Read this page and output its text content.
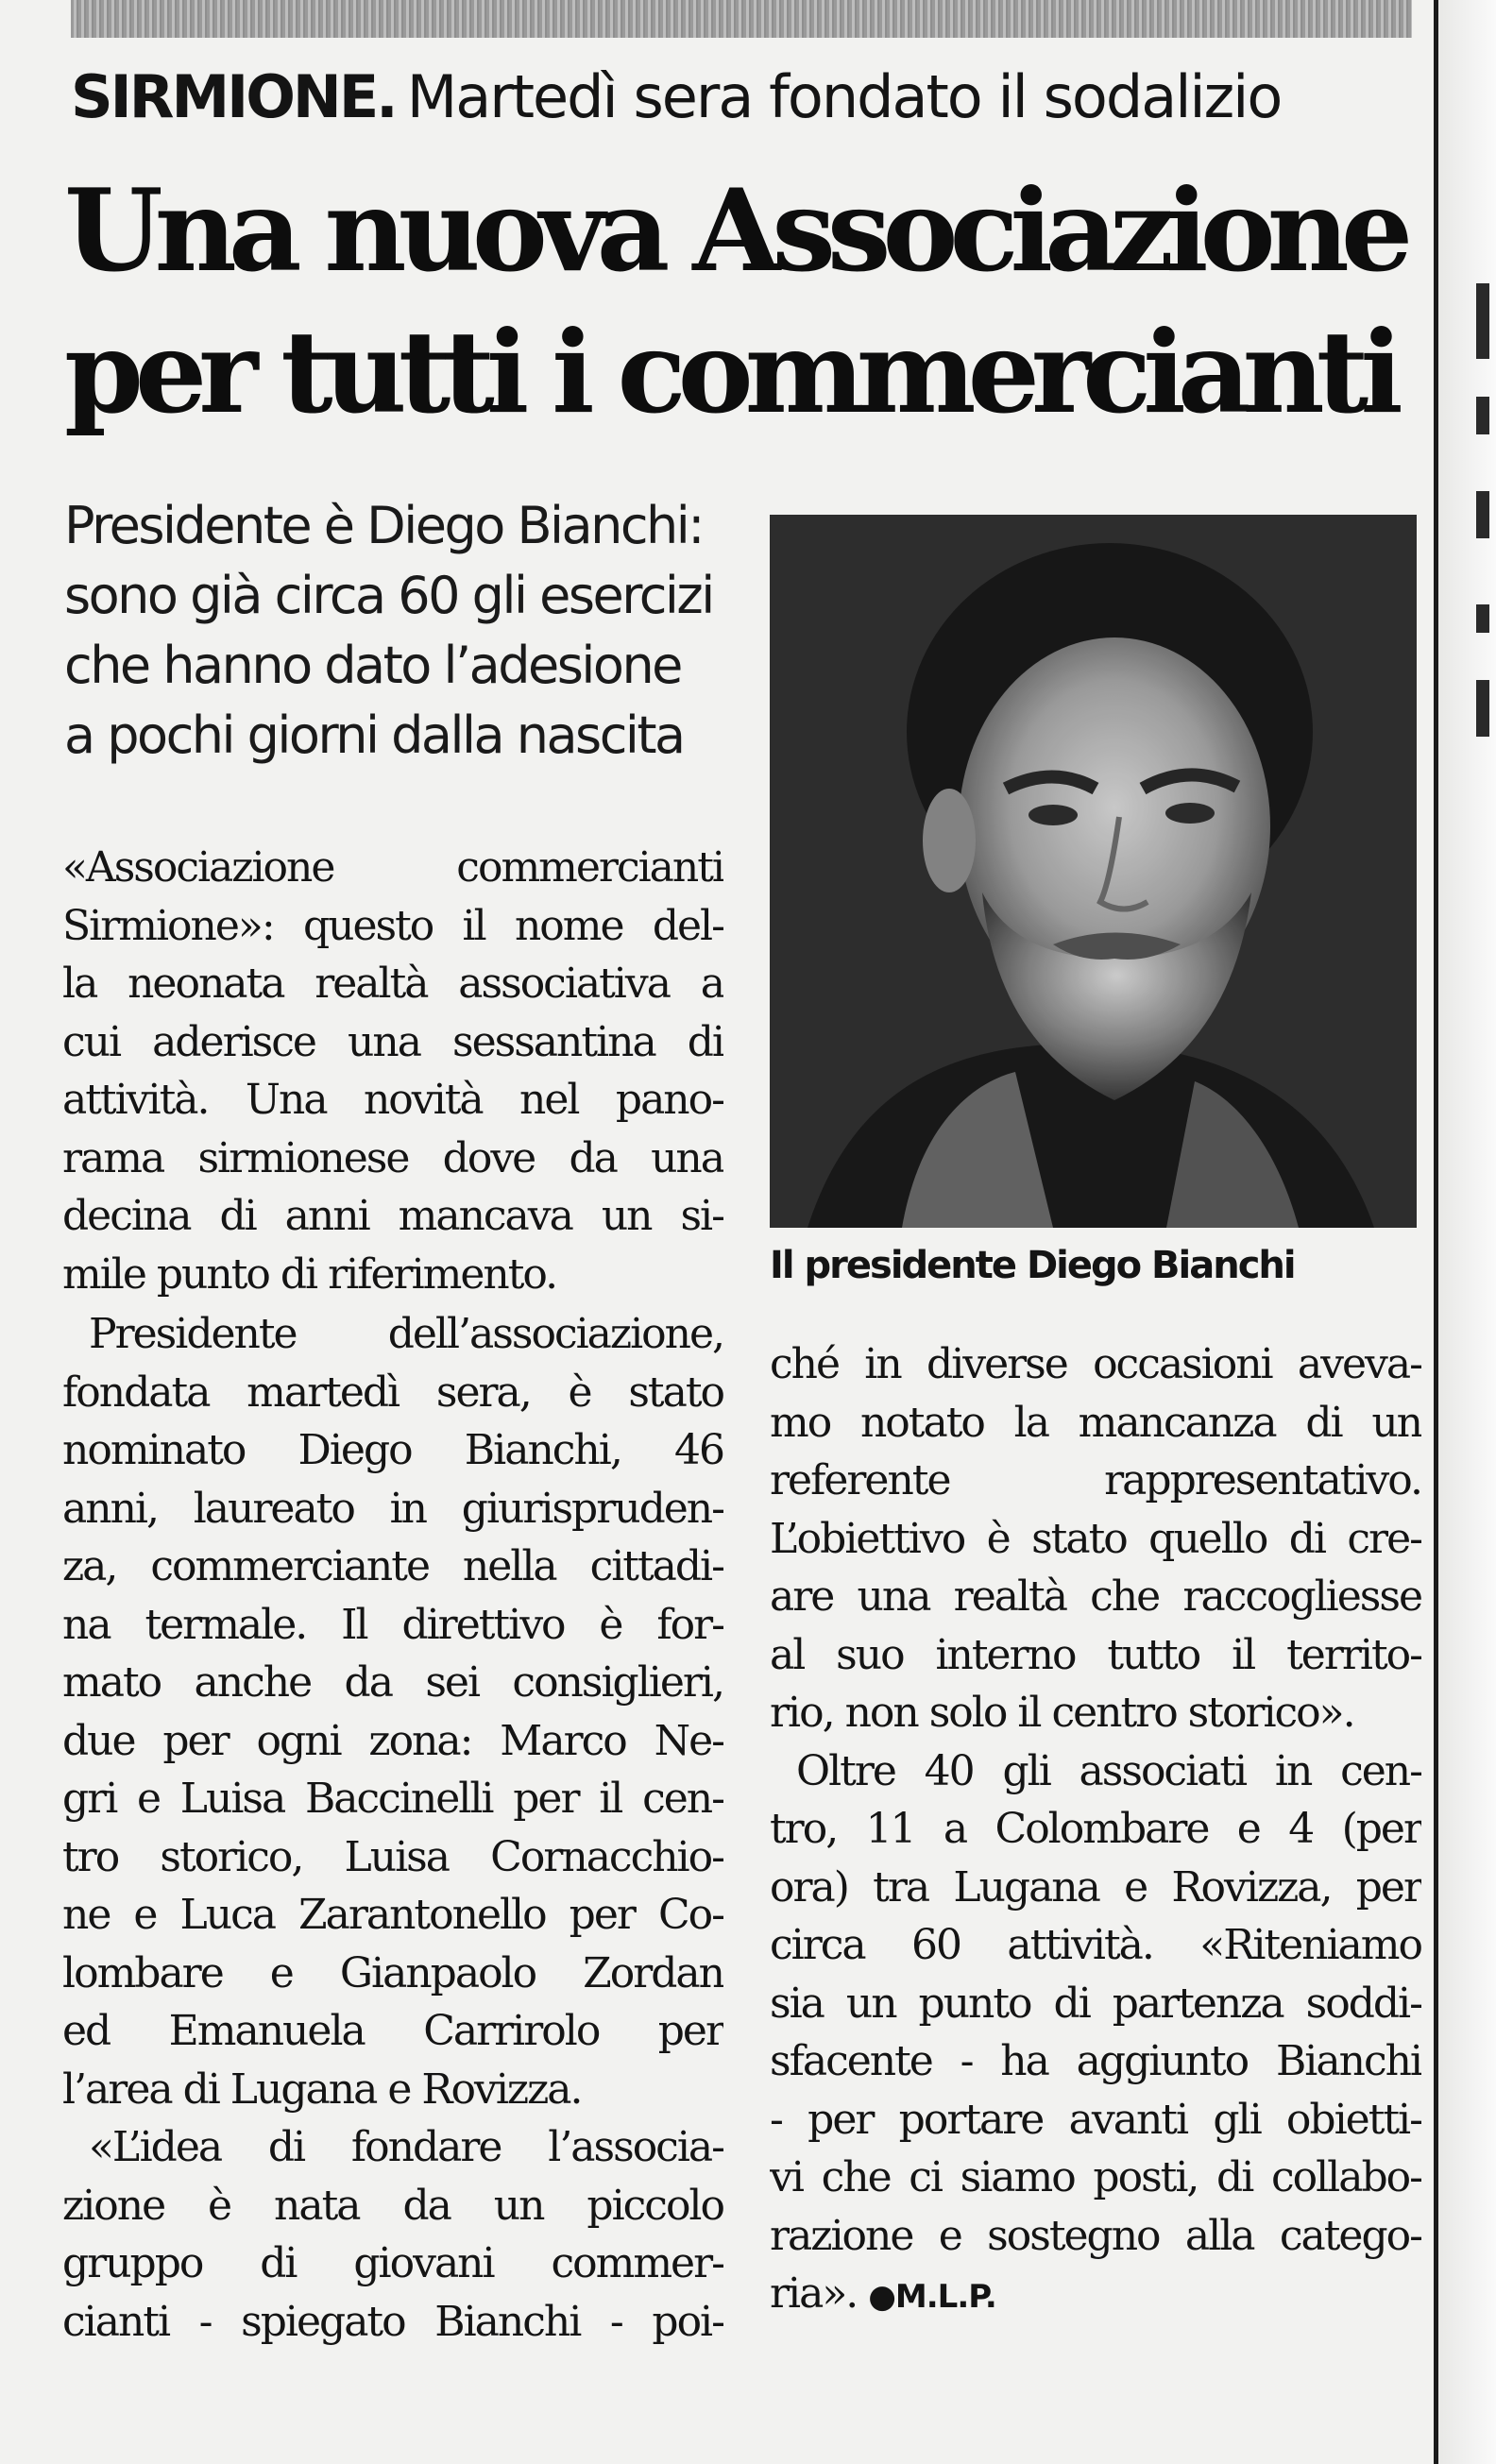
SIRMIONE. Martedì sera fondato il sodalizio
Una nuova Associazione
per tutti i commercianti
Presidente è Diego Bianchi:
sono già circa 60 gli esercizi
che hanno dato l’adesione
a pochi giorni dalla nascita
Il presidente Diego Bianchi
«Associazione commercianti
Sirmione»: questo il nome del-
la neonata realtà associativa a
cui aderisce una sessantina di
attività. Una novità nel pano-
rama sirmionese dove da una
decina di anni mancava un si-
mile punto di riferimento.
Presidente dell’associazione,
fondata martedì sera, è stato
nominato Diego Bianchi, 46
anni, laureato in giurispruden-
za, commerciante nella cittadi-
na termale. Il direttivo è for-
mato anche da sei consiglieri,
due per ogni zona: Marco Ne-
gri e Luisa Baccinelli per il cen-
tro storico, Luisa Cornacchio-
ne e Luca Zarantonello per Co-
lombare e Gianpaolo Zordan
ed Emanuela Carrirolo per
l’area di Lugana e Rovizza.
«L’idea di fondare l’associa-
zione è nata da un piccolo
gruppo di giovani commer-
cianti - spiegato Bianchi - poi-
ché in diverse occasioni aveva-
mo notato la mancanza di un
referente rappresentativo.
L’obiettivo è stato quello di cre-
are una realtà che raccogliesse
al suo interno tutto il territo-
rio, non solo il centro storico».
Oltre 40 gli associati in cen-
tro, 11 a Colombare e 4 (per
ora) tra Lugana e Rovizza, per
circa 60 attività. «Riteniamo
sia un punto di partenza soddi-
sfacente - ha aggiunto Bianchi
- per portare avanti gli obietti-
vi che ci siamo posti, di collabo-
razione e sostegno alla catego-
ria». ●M.L.P.
